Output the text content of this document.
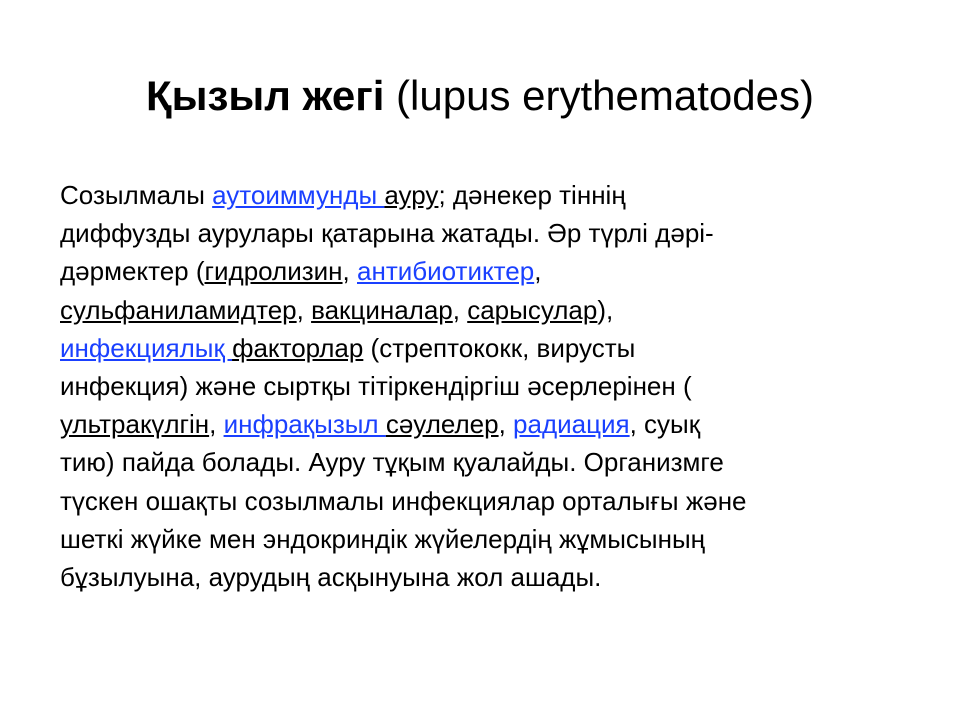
Қызыл жегі (lupus erythematodes)
Созылмалы аутоиммунды ауру; дәнекер тіннің
диффузды аурулары қатарына жатады. Әр түрлі дәрі-
дәрмектер (гидролизин, антибиотиктер,
сульфаниламидтер, вакциналар, сарысулар),
инфекциялық факторлар (стрептококк, вирусты
инфекция) және сыртқы тітіркендіргіш әсерлерінен (
ультракүлгін, инфрақызыл сәулелер, радиация, суық
тию) пайда болады. Ауру тұқым қуалайды. Организмге
түскен ошақты созылмалы инфекциялар орталығы және
шеткі жүйке мен эндокриндік жүйелердің жұмысының
бұзылуына, аурудың асқынуына жол ашады.
